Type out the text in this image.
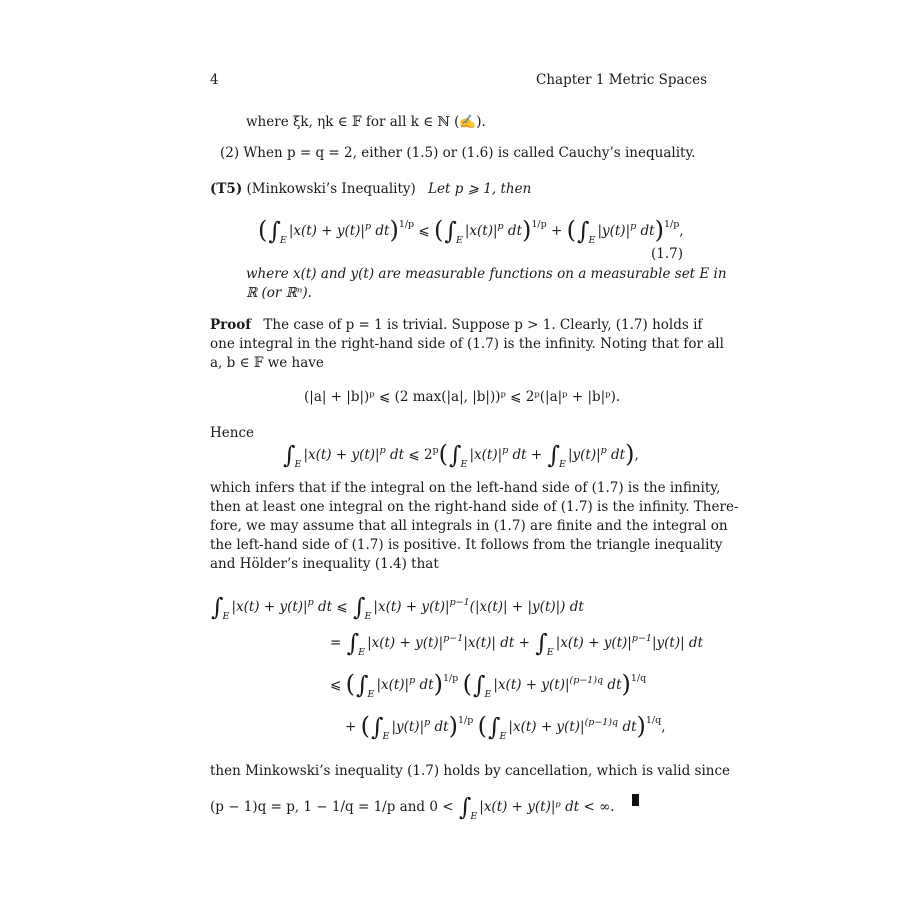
4	Chapter 1 Metric Spaces
where ξk, ηk ∈ 𝔽 for all k ∈ ℕ (✍).
(2) When p = q = 2, either (1.5) or (1.6) is called Cauchy’s inequality.
(T5) (Minkowski’s Inequality) Let p ⩾ 1, then
($\int_E|x(t) + y(t)|^p$ dt)$^{1/p}$ ⩽ ($\int_E|x(t)|^p$ $dt)^{1/p} + (\int_E|y(t)|^p$ dt)$^{1/p}$,
(1.7)
where x(t) and y(t) are measurable functions on a measurable set E in
ℝ (or ℝⁿ).
Proof The case of p = 1 is trivial. Suppose p > 1. Clearly, (1.7) holds if
one integral in the right-hand side of (1.7) is the infinity. Noting that for all
a, b ∈ 𝔽 we have
(|a| + |b|)ᵖ ⩽ (2 max(|a|, |b|))ᵖ ⩽ 2ᵖ(|a|ᵖ + |b|ᵖ).
Hence
$\int_E|x(t) + y(t)|^p$ dt ⩽ $2^p(\int_E|x(t)|^p$ dt + $\int_E|y(t)|^p$ dt),
which infers that if the integral on the left-hand side of (1.7) is the infinity,
then at least one integral on the right-hand side of (1.7) is the infinity. There-
fore, we may assume that all integrals in (1.7) are finite and the integral on
the left-hand side of (1.7) is positive. It follows from the triangle inequality
and Hölder’s inequality (1.4) that
$\int_E|x(t) + y(t)|^p$ dt ⩽ $\int_E|x(t) + y(t)|^{p-1}(|x(t)| + |y(t)|)$ dt
= $\int_E|x(t) + y(t)|^{p-1}|x(t)|$ dt + $\int_E|x(t) + y(t)|^{p-1}|y(t)|$ dt
⩽ ($\int_E|x(t)|^p$ dt)$^{1/p}$ ($\int_E|x(t) + y(t)|^{(p-1)q}$ dt)$^{1/q}$
+ ($\int_E|y(t)|^p$ dt)$^{1/p}$ ($\int_E|x(t) + y(t)|^{(p-1)q}$ dt)$^{1/q}$,
then Minkowski’s inequality (1.7) holds by cancellation, which is valid since
(p − 1)q = p, 1 − 1/q = 1/p and $0 < \int_E|x(t)$ + y(t)|ᵖ dt < ∞.
